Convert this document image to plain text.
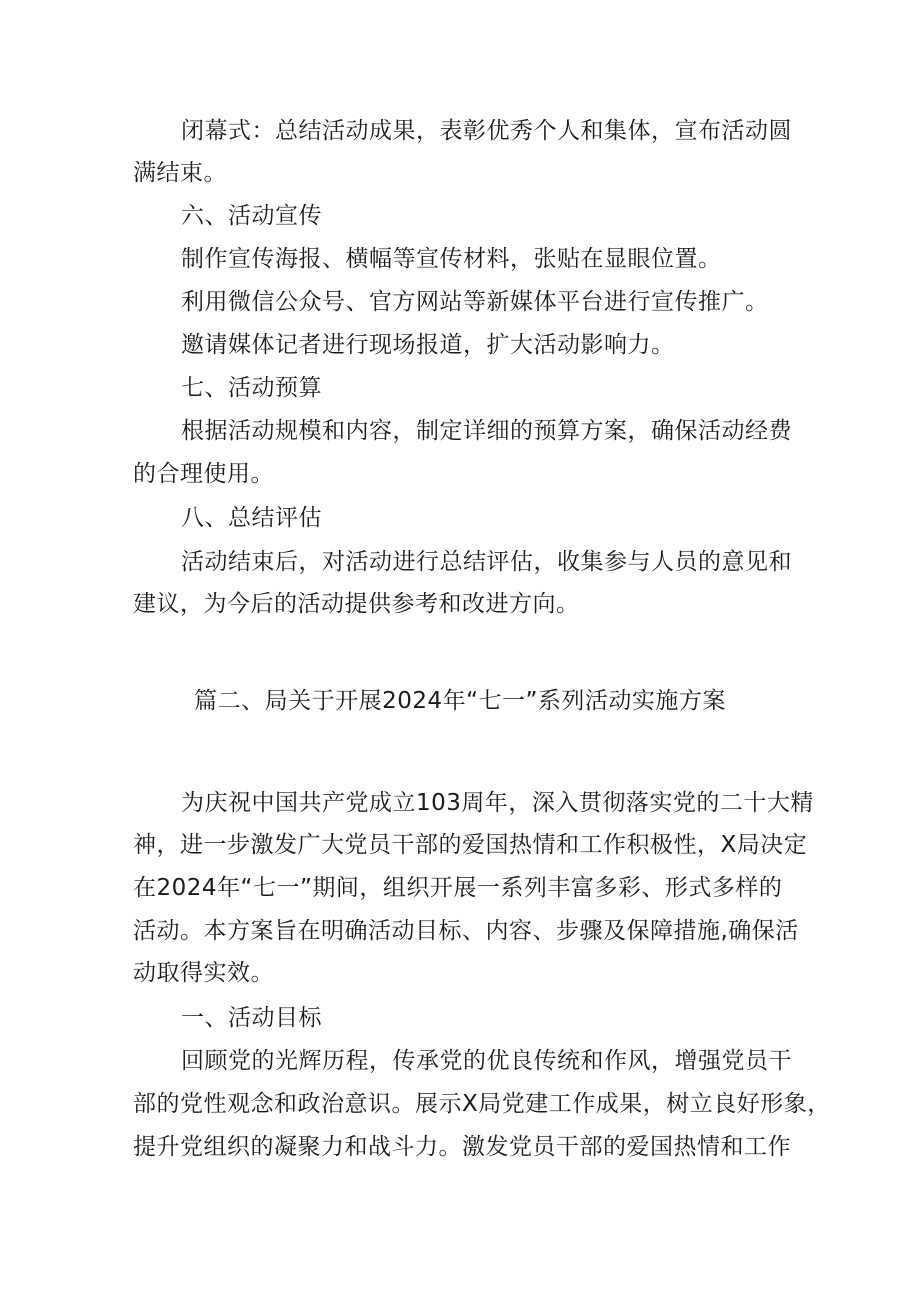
闭幕式：总结活动成果，表彰优秀个人和集体，宣布活动圆
满结束。
六、活动宣传
制作宣传海报、横幅等宣传材料，张贴在显眼位置。
利用微信公众号、官方网站等新媒体平台进行宣传推广。
邀请媒体记者进行现场报道，扩大活动影响力。
七、活动预算
根据活动规模和内容，制定详细的预算方案，确保活动经费
的合理使用。
八、总结评估
活动结束后，对活动进行总结评估，收集参与人员的意见和
建议，为今后的活动提供参考和改进方向。
篇二、局关于开展2024年“七一”系列活动实施方案
为庆祝中国共产党成立103周年，深入贯彻落实党的二十大精
神，进一步激发广大党员干部的爱国热情和工作积极性，X局决定
在2024年“七一”期间，组织开展一系列丰富多彩、形式多样的
活动。本方案旨在明确活动目标、内容、步骤及保障措施,确保活
动取得实效。
一、活动目标
回顾党的光辉历程，传承党的优良传统和作风，增强党员干
部的党性观念和政治意识。展示X局党建工作成果，树立良好形象，
提升党组织的凝聚力和战斗力。激发党员干部的爱国热情和工作
